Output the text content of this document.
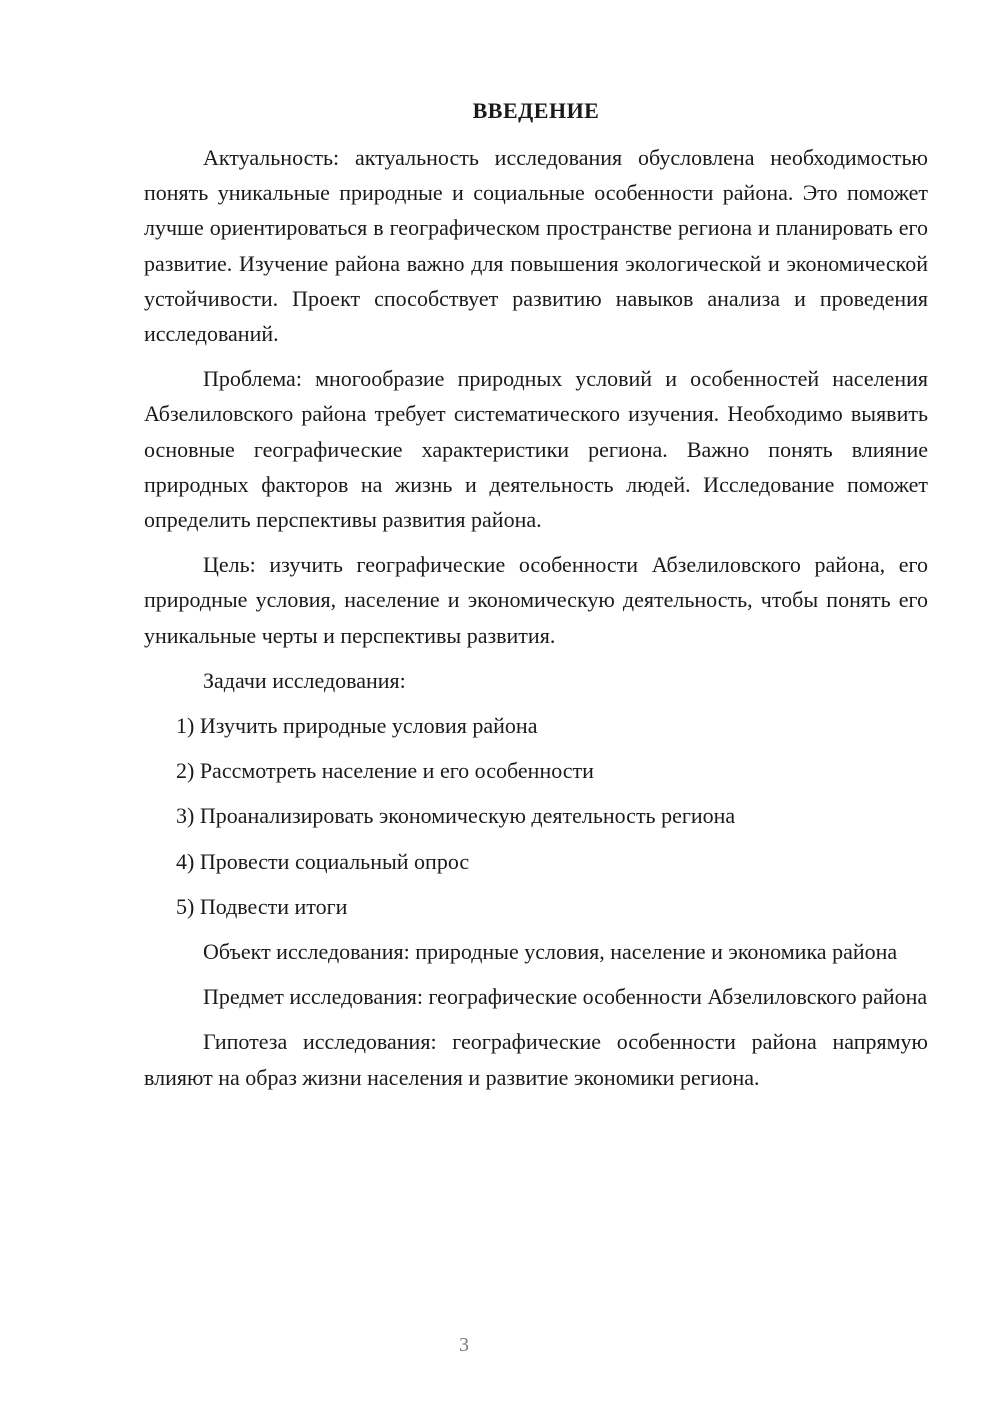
ВВЕДЕНИЕ

Актуальность: актуальность исследования обусловлена необходимостью понять уникальные природные и социальные особенности района. Это поможет лучше ориентироваться в географическом пространстве региона и планировать его развитие. Изучение района важно для повышения экологической и экономической устойчивости. Проект способствует развитию навыков анализа и проведения исследований.

Проблема: многообразие природных условий и особенностей населения Абзелиловского района требует систематического изучения. Необходимо выявить основные географические характеристики региона. Важно понять влияние природных факторов на жизнь и деятельность людей. Исследование поможет определить перспективы развития района.

Цель: изучить географические особенности Абзелиловского района, его природные условия, население и экономическую деятельность, чтобы понять его уникальные черты и перспективы развития.

Задачи исследования:

1) Изучить природные условия района
2) Рассмотреть население и его особенности
3) Проанализировать экономическую деятельность региона
4) Провести социальный опрос
5) Подвести итоги

Объект исследования: природные условия, население и экономика района

Предмет исследования: географические особенности Абзелиловского района

Гипотеза исследования: географические особенности района напрямую влияют на образ жизни населения и развитие экономики региона.

3
